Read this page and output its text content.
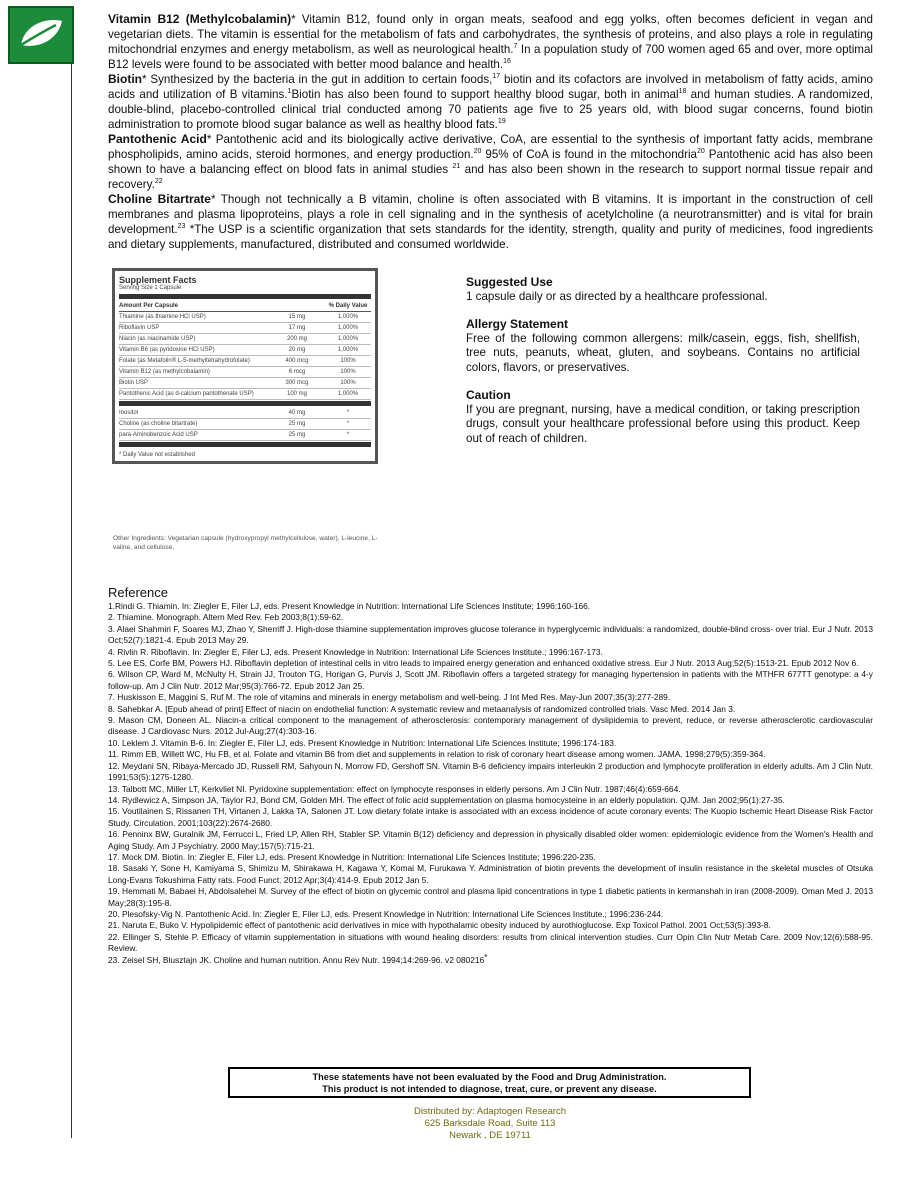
Vitamin B12 (Methylcobalamin)* Vitamin B12, found only in organ meats, seafood and egg yolks, often becomes deficient in vegan and vegetarian diets. The vitamin is essential for the metabolism of fats and carbohydrates, the synthesis of proteins, and also plays a role in regulating mitochondrial enzymes and energy metabolism, as well as neurological health.$^7$ In a population study of 700 women aged 65 and over, more optimal B12 levels were found to be associated with better mood balance and health.$^{16}$

Biotin* Synthesized by the bacteria in the gut in addition to certain foods,$^{17}$ biotin and its cofactors are involved in metabolism of fatty acids, amino acids and utilization of B vitamins.$^1$Biotin has also been found to support healthy blood sugar, both in animal$^{18}$ and human studies. A randomized, double-blind, placebo-controlled clinical trial conducted among 70 patients age five to 25 years old, with blood sugar concerns, found biotin administration to promote blood sugar balance as well as healthy blood fats.$^{19}$

Pantothenic Acid* Pantothenic acid and its biologically active derivative, CoA, are essential to the synthesis of important fatty acids, membrane phospholipids, amino acids, steroid hormones, and energy production.$^{20}$ 95% of CoA is found in the mitochondria$^{20}$ Pantothenic acid has also been shown to have a balancing effect on blood fats in animal studies $^{21}$ and has also been shown in the research to support normal tissue repair and recovery.$^{22}$

Choline Bitartrate* Though not technically a B vitamin, choline is often associated with B vitamins. It is important in the construction of cell membranes and plasma lipoproteins, plays a role in cell signaling and in the synthesis of acetylcholine (a neurotransmitter) and is vital for brain development.$^{23}$ *The USP is a scientific organization that sets standards for the identity, strength, quality and purity of medicines, food ingredients and dietary supplements, manufactured, distributed and consumed worldwide.

Supplement Facts
Serving Size 1 Capsule
Amount Per Capsule		% Daily Value
Thiamine (as thiamine HCl USP)	15 mg	1,000%
Riboflavin USP	17 mg	1,000%
Niacin (as niacinamide USP)	200 mg	1,000%
Vitamin B6 (as pyridoxine HCl USP)	20 mg	1,000%
Folate (as Metafolin® L-5-methyltetrahydrofolate)	400 mcg	100%
Vitamin B12 (as methylcobalamin)	6 mcg	100%
Biotin USP	300 mcg	100%
Pantothenic Acid (as d-calcium pantothenate USP)	100 mg	1,000%
Inositol	40 mg	*
Choline (as choline bitartrate)	25 mg	*
para-Aminobenzoic Acid USP	25 mg	*
* Daily Value not established
Other Ingredients: Vegetarian capsule (hydroxypropyl methylcellulose, water), L-leucine, L-valine, and cellulose.
Suggested Use
1 capsule daily or as directed by a healthcare professional.
Allergy Statement
Free of the following common allergens: milk/casein, eggs, fish, shellfish, tree nuts, peanuts, wheat, gluten, and soybeans. Contains no artificial colors, flavors, or preservatives.
Caution
If you are pregnant, nursing, have a medical condition, or taking prescription drugs, consult your healthcare professional before using this product. Keep out of reach of children.
Reference
1.Rindi G. Thiamin. In: Ziegler E, Filer LJ, eds. Present Knowledge in Nutrition: International Life Sciences Institute; 1996:160-166.
2. Thiamine. Monograph. Altern Med Rev. Feb 2003;8(1):59-62.
3. Alaei Shahmiri F, Soares MJ, Zhao Y, Sherriff J. High-dose thiamine supplementation improves glucose tolerance in hyperglycemic individuals: a randomized, double-blind cross- over trial. Eur J Nutr. 2013 Oct;52(7):1821-4. Epub 2013 May 29.
4. Rivlin R. Riboflavin. In: Ziegler E, Filer LJ, eds. Present Knowledge in Nutrition: International Life Sciences Institute.; 1996:167-173.
5. Lee ES, Corfe BM, Powers HJ. Riboflavin depletion of intestinal cells in vitro leads to impaired energy generation and enhanced oxidative stress. Eur J Nutr. 2013 Aug;52(5):1513-21. Epub 2012 Nov 6.
6. Wilson CP, Ward M, McNulty H, Strain JJ, Trouton TG, Horigan G, Purvis J, Scott JM. Riboflavin offers a targeted strategy for managing hypertension in patients with the MTHFR 677TT genotype: a 4-y follow-up. Am J Clin Nutr. 2012 Mar;95(3):766-72. Epub 2012 Jan 25.
7. Huskisson E, Maggini S, Ruf M. The role of vitamins and minerals in energy metabolism and well-being. J Int Med Res. May-Jun 2007;35(3):277-289.
8. Sahebkar A. [Epub ahead of print] Effect of niacin on endothelial function: A systematic review and metaanalysis of randomized controlled trials. Vasc Med. 2014 Jan 3.
9. Mason CM, Doneen AL. Niacin-a critical component to the management of atherosclerosis: contemporary management of dyslipidemia to prevent, reduce, or reverse atherosclerotic cardiovascular disease. J Cardiovasc Nurs. 2012 Jul-Aug;27(4):303-16.
10. Leklem J. Vitamin B-6. In: Ziegler E, Filer LJ, eds. Present Knowledge in Nutrition: International Life Sciences Institute; 1996:174-183.
11. Rimm EB, Willett WC, Hu FB, et al. Folate and vitamin B6 from diet and supplements in relation to risk of coronary heart disease among women. JAMA. 1998;279(5):359-364.
12. Meydani SN, Ribaya-Mercado JD, Russell RM, Sahyoun N, Morrow FD, Gershoff SN. Vitamin B-6 deficiency impairs interleukin 2 production and lymphocyte proliferation in elderly adults. Am J Clin Nutr. 1991;53(5):1275-1280.
13. Talbott MC, Miller LT, Kerkvliet NI. Pyridoxine supplementation: effect on lymphocyte responses in elderly persons. Am J Clin Nutr. 1987;46(4):659-664.
14. Rydlewicz A, Simpson JA, Taylor RJ, Bond CM, Golden MH. The effect of folic acid supplementation on plasma homocysteine in an elderly population. QJM. Jan 2002;95(1):27-35.
15. Voutilainen S, Rissanen TH, Virtanen J, Lakka TA, Salonen JT. Low dietary folate intake is associated with an excess incidence of acute coronary events: The Kuopio Ischemic Heart Disease Risk Factor Study. Circulation. 2001;103(22):2674-2680.
16. Penninx BW, Guralnik JM, Ferrucci L, Fried LP, Allen RH, Stabler SP. Vitamin B(12) deficiency and depression in physically disabled older women: epidemiologic evidence from the Women's Health and Aging Study. Am J Psychiatry. 2000 May;157(5):715-21.
17. Mock DM. Biotin. In: Ziegler E, Filer LJ, eds. Present Knowledge in Nutrition: International Life Sciences Institute; 1996:220-235.
18. Sasaki Y, Sone H, Kamiyama S, Shimizu M, Shirakawa H, Kagawa Y, Komai M, Furukawa Y. Administration of biotin prevents the development of insulin resistance in the skeletal muscles of Otsuka Long-Evans Tokushima Fatty rats. Food Funct. 2012 Apr;3(4):414-9. Epub 2012 Jan 5.
19. Hemmati M, Babaei H, Abdolsalehei M. Survey of the effect of biotin on glycemic control and plasma lipid concentrations in type 1 diabetic patients in kermanshah in iran (2008-2009). Oman Med J. 2013 May;28(3):195-8.
20. Plesofsky-Vig N. Pantothenic Acid. In: Ziegler E, Filer LJ, eds. Present Knowledge in Nutrition: International Life Sciences Institute.; 1996:236-244.
21. Naruta E, Buko V. Hypolipidemic effect of pantothenic acid derivatives in mice with hypothalamic obesity induced by aurothioglucose. Exp Toxicol Pathol. 2001 Oct;53(5):393-8.
22. Ellinger S, Stehle P. Efficacy of vitamin supplementation in situations with wound healing disorders: results from clinical intervention studies. Curr Opin Clin Nutr Metab Care. 2009 Nov;12(6):588-95. Review.
23. Zeisel SH, Blusztajn JK. Choline and human nutrition. Annu Rev Nutr. 1994;14:269-96. v2 080216*
These statements have not been evaluated by the Food and Drug Administration.
This product is not intended to diagnose, treat, cure, or prevent any disease.
Distributed by: Adaptogen Research
625 Barksdale Road, Suite 113
Newark , DE 19711
